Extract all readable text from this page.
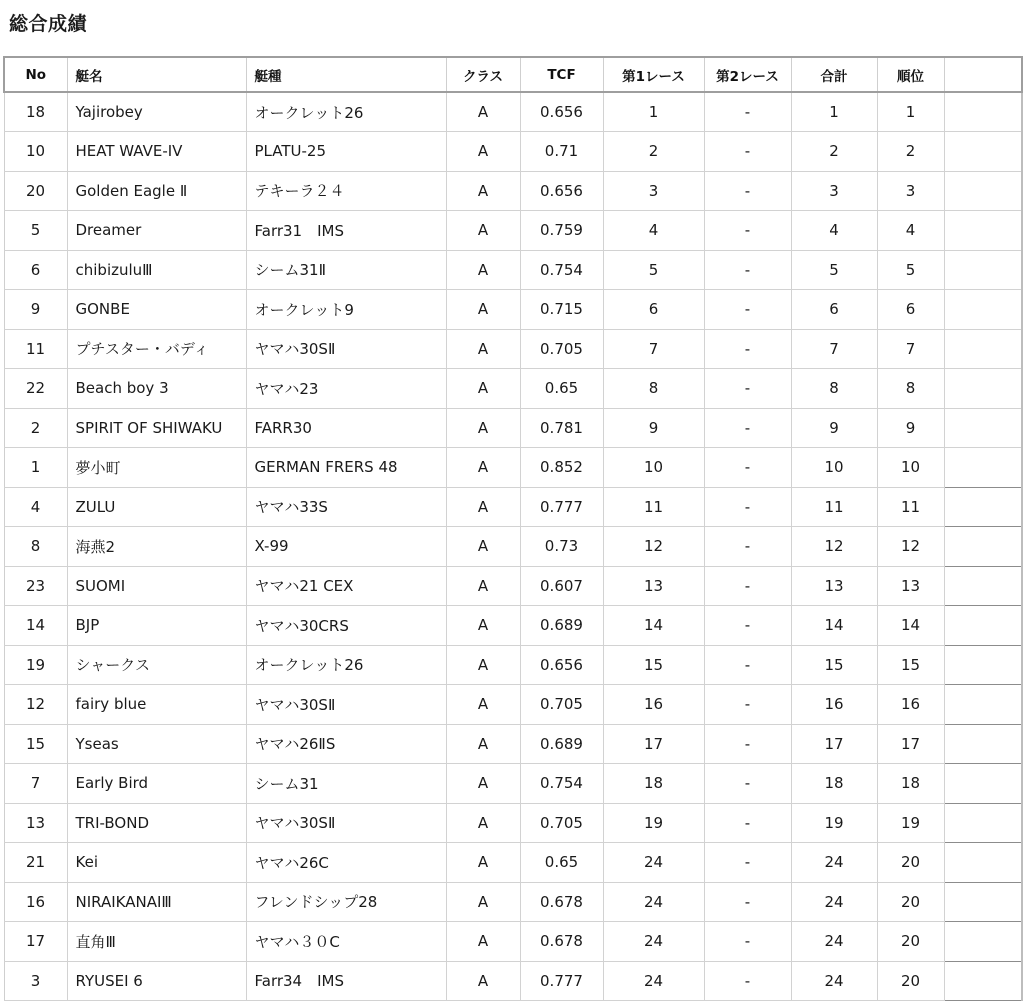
総合成績
No	艇名	艇種	クラス	TCF	第1レース	第2レース	合計	順位	
18	Yajirobey	オークレット26	A	0.656	1	-	1	1	
10	HEAT WAVE-IV	PLATU-25	A	0.71	2	-	2	2	
20	Golden Eagle Ⅱ	テキーラ２４	A	0.656	3	-	3	3	
5	Dreamer	Farr31　IMS	A	0.759	4	-	4	4	
6	chibizuluⅢ	シーム31Ⅱ	A	0.754	5	-	5	5	
9	GONBE	オークレット9	A	0.715	6	-	6	6	
11	プチスター・バディ	ヤマハ30SⅡ	A	0.705	7	-	7	7	
22	Beach boy 3	ヤマハ23	A	0.65	8	-	8	8	
2	SPIRIT OF SHIWAKU	FARR30	A	0.781	9	-	9	9	
1	夢小町	GERMAN FRERS 48	A	0.852	10	-	10	10	
4	ZULU	ヤマハ33S	A	0.777	11	-	11	11	
8	海燕2	X-99	A	0.73	12	-	12	12	
23	SUOMI	ヤマハ21 CEX	A	0.607	13	-	13	13	
14	BJP	ヤマハ30CRS	A	0.689	14	-	14	14	
19	シャークス	オークレット26	A	0.656	15	-	15	15	
12	fairy blue	ヤマハ30SⅡ	A	0.705	16	-	16	16	
15	Yseas	ヤマハ26ⅡS	A	0.689	17	-	17	17	
7	Early Bird	シーム31	A	0.754	18	-	18	18	
13	TRI-BOND	ヤマハ30SⅡ	A	0.705	19	-	19	19	
21	Kei	ヤマハ26C	A	0.65	24	-	24	20	
16	NIRAIKANAIⅢ	フレンドシップ28	A	0.678	24	-	24	20	
17	直角Ⅲ	ヤマハ３０C	A	0.678	24	-	24	20	
3	RYUSEI 6	Farr34　IMS	A	0.777	24	-	24	20	
